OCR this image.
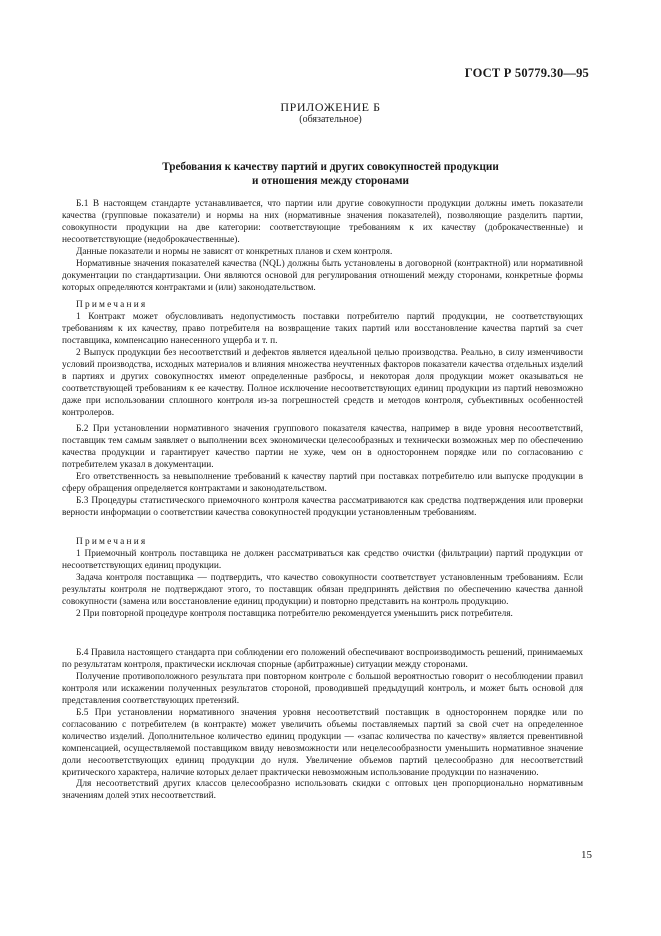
ГОСТ Р 50779.30—95
ПРИЛОЖЕНИЕ Б
(обязательное)
Требования к качеству партий и других совокупностей продукции
и отношения между сторонами

Б.1 В настоящем стандарте устанавливается, что партии или другие совокупности продукции должны иметь показатели качества (групповые показатели) и нормы на них (нормативные значения показателей), позволяющие разделить партии, совокупности продукции на две категории: соответствующие требованиям к их качеству (доброкачественные) и несоответствующие (недоброкачественные).

Данные показатели и нормы не зависят от конкретных планов и схем контроля.

Нормативные значения показателей качества (NQL) должны быть установлены в договорной (контрактной) или нормативной документации по стандартизации. Они являются основой для регулирования отношений между сторонами, конкретные формы которых определяются контрактами и (или) законодательством.

Примечания

1 Контракт может обусловливать недопустимость поставки потребителю партий продукции, не соответствующих требованиям к их качеству, право потребителя на возвращение таких партий или восстановление качества партий за счет поставщика, компенсацию нанесенного ущерба и т. п.

2 Выпуск продукции без несоответствий и дефектов является идеальной целью производства. Реально, в силу изменчивости условий производства, исходных материалов и влияния множества неучтенных факторов показатели качества отдельных изделий в партиях и других совокупностях имеют определенные разбросы, и некоторая доля продукции может оказываться не соответствующей требованиям к ее качеству. Полное исключение несоответствующих единиц продукции из партий невозможно даже при использовании сплошного контроля из-за погрешностей средств и методов контроля, субъективных особенностей контролеров.

Б.2 При установлении нормативного значения группового показателя качества, например в виде уровня несоответствий, поставщик тем самым заявляет о выполнении всех экономически целесообразных и технически возможных мер по обеспечению качества продукции и гарантирует качество партии не хуже, чем он в одностороннем порядке или по согласованию с потребителем указал в документации.

Его ответственность за невыполнение требований к качеству партий при поставках потребителю или выпуске продукции в сферу обращения определяется контрактами и законодательством.

Б.3 Процедуры статистического приемочного контроля качества рассматриваются как средства подтверждения или проверки верности информации о соответствии качества совокупностей продукции установленным требованиям.

Примечания

1 Приемочный контроль поставщика не должен рассматриваться как средство очистки (фильтрации) партий продукции от несоответствующих единиц продукции.

Задача контроля поставщика — подтвердить, что качество совокупности соответствует установленным требованиям. Если результаты контроля не подтверждают этого, то поставщик обязан предпринять действия по обеспечению качества данной совокупности (замена или восстановление единиц продукции) и повторно представить на контроль продукцию.

2 При повторной процедуре контроля поставщика потребителю рекомендуется уменьшить риск потребителя.

Б.4 Правила настоящего стандарта при соблюдении его положений обеспечивают воспроизводимость решений, принимаемых по результатам контроля, практически исключая спорные (арбитражные) ситуации между сторонами.

Получение противоположного результата при повторном контроле с большой вероятностью говорит о несоблюдении правил контроля или искажении полученных результатов стороной, проводившей предыдущий контроль, и может быть основой для представления соответствующих претензий.

Б.5 При установлении нормативного значения уровня несоответствий поставщик в одностороннем порядке или по согласованию с потребителем (в контракте) может увеличить объемы поставляемых партий за свой счет на определенное количество изделий. Дополнительное количество единиц продукции — «запас количества по качеству» является превентивной компенсацией, осуществляемой поставщиком ввиду невозможности или нецелесообразности уменьшить нормативное значение доли несоответствующих единиц продукции до нуля. Увеличение объемов партий целесообразно для несоответствий критического характера, наличие которых делает практически невозможным использование продукции по назначению.

Для несоответствий других классов целесообразно использовать скидки с оптовых цен пропорционально нормативным значениям долей этих несоответствий.

15
